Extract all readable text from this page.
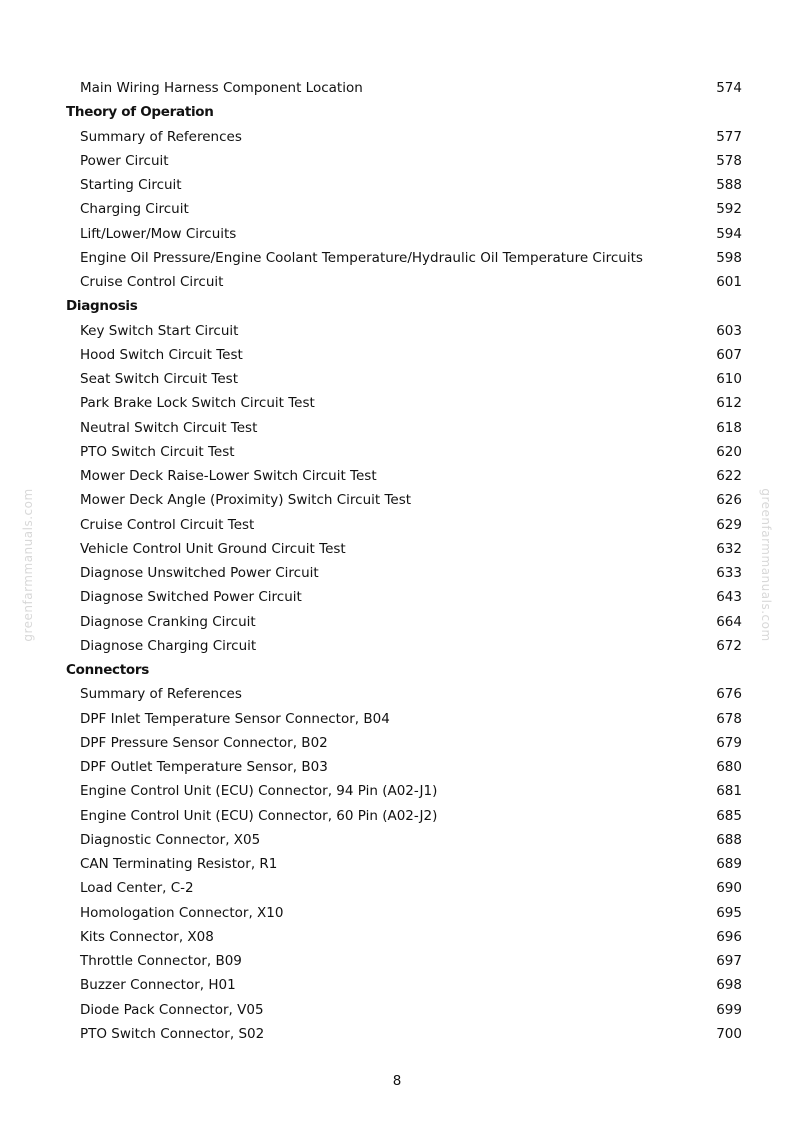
greenfarmmanuals.com	greenfarmmanuals.com
Main Wiring Harness Component Location	574
Theory of Operation
Summary of References	577
Power Circuit	578
Starting Circuit	588
Charging Circuit	592
Lift/Lower/Mow Circuits	594
Engine Oil Pressure/Engine Coolant Temperature/Hydraulic Oil Temperature Circuits	598
Cruise Control Circuit	601
Diagnosis
Key Switch Start Circuit	603
Hood Switch Circuit Test	607
Seat Switch Circuit Test	610
Park Brake Lock Switch Circuit Test	612
Neutral Switch Circuit Test	618
PTO Switch Circuit Test	620
Mower Deck Raise-Lower Switch Circuit Test	622
Mower Deck Angle (Proximity) Switch Circuit Test	626
Cruise Control Circuit Test	629
Vehicle Control Unit Ground Circuit Test	632
Diagnose Unswitched Power Circuit	633
Diagnose Switched Power Circuit	643
Diagnose Cranking Circuit	664
Diagnose Charging Circuit	672
Connectors
Summary of References	676
DPF Inlet Temperature Sensor Connector, B04	678
DPF Pressure Sensor Connector, B02	679
DPF Outlet Temperature Sensor, B03	680
Engine Control Unit (ECU) Connector, 94 Pin (A02-J1)	681
Engine Control Unit (ECU) Connector, 60 Pin (A02-J2)	685
Diagnostic Connector, X05	688
CAN Terminating Resistor, R1	689
Load Center, C-2	690
Homologation Connector, X10	695
Kits Connector, X08	696
Throttle Connector, B09	697
Buzzer Connector, H01	698
Diode Pack Connector, V05	699
PTO Switch Connector, S02	700
8
